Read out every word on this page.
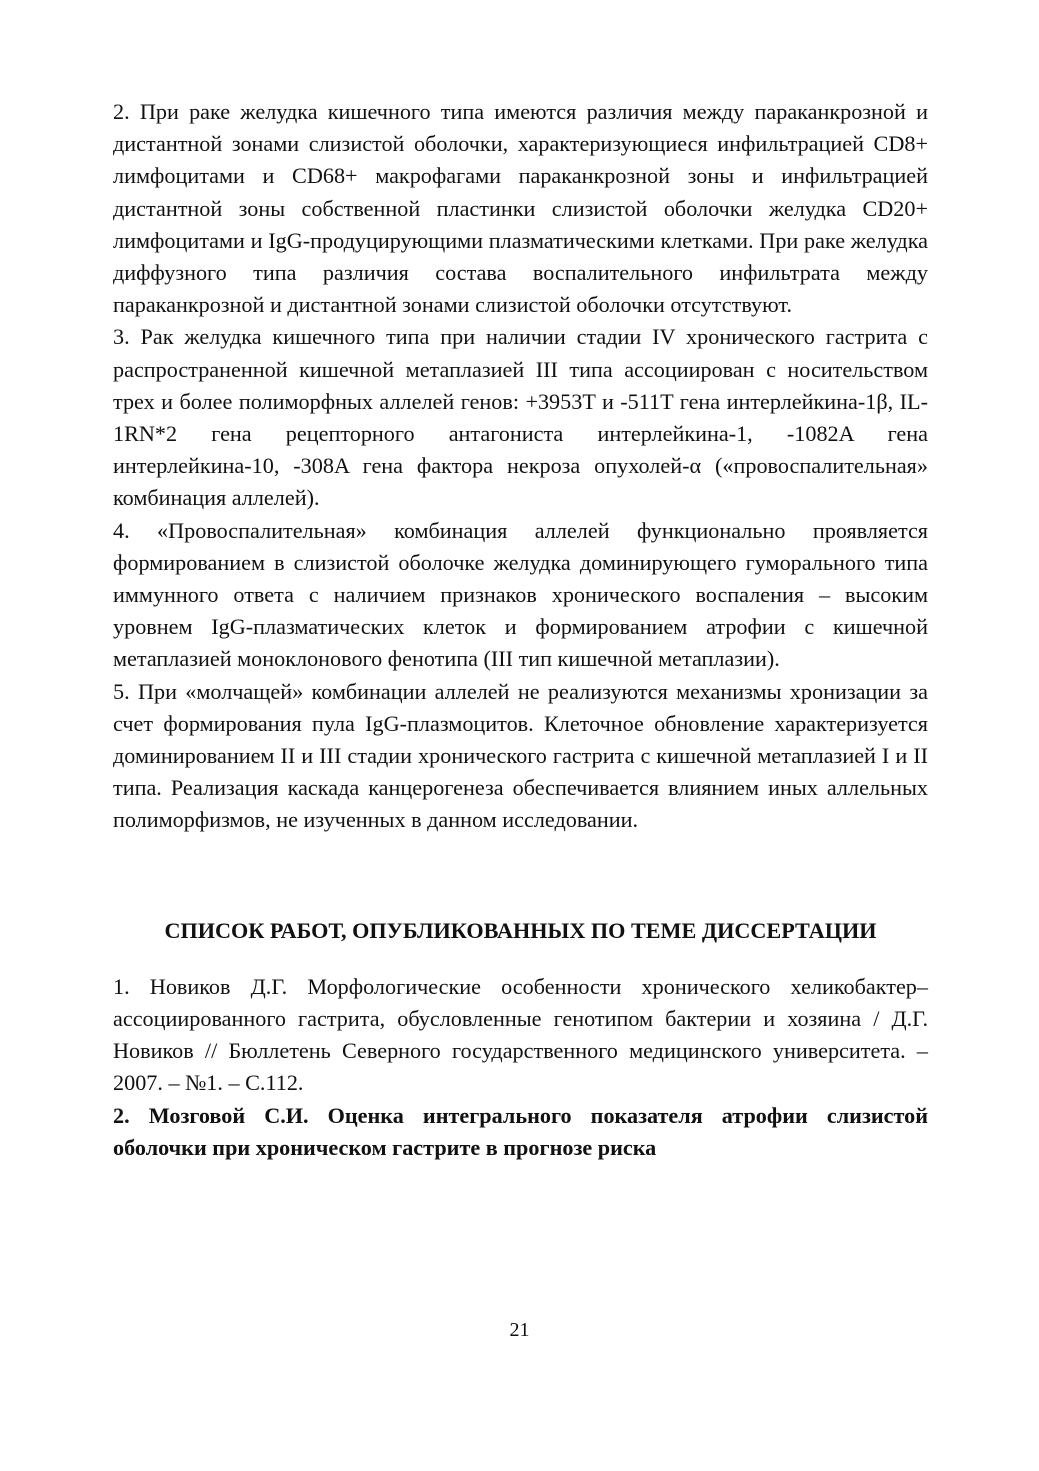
2. При раке желудка кишечного типа имеются различия между параканкрозной и дистантной зонами слизистой оболочки, характеризующиеся инфильтрацией CD8+ лимфоцитами и CD68+ макрофагами параканкрозной зоны и инфильтрацией дистантной зоны собственной пластинки слизистой оболочки желудка CD20+ лимфоцитами и IgG-продуцирующими плазматическими клетками. При раке желудка диффузного типа различия состава воспалительного инфильтрата между параканкрозной и дистантной зонами слизистой оболочки отсутствуют.

3. Рак желудка кишечного типа при наличии стадии IV хронического гастрита с распространенной кишечной метаплазией III типа ассоциирован с носительством трех и более полиморфных аллелей генов: +3953T и -511T гена интерлейкина-1β, IL-1RN*2 гена рецепторного антагониста интерлейкина-1, -1082A гена интерлейкина-10, -308A гена фактора некроза опухолей-α («провоспалительная» комбинация аллелей).

4. «Провоспалительная» комбинация аллелей функционально проявляется формированием в слизистой оболочке желудка доминирующего гуморального типа иммунного ответа с наличием признаков хронического воспаления – высоким уровнем IgG-плазматических клеток и формированием атрофии с кишечной метаплазией моноклонового фенотипа (III тип кишечной метаплазии).

5. При «молчащей» комбинации аллелей не реализуются механизмы хронизации за счет формирования пула IgG-плазмоцитов. Клеточное обновление характеризуется доминированием II и III стадии хронического гастрита с кишечной метаплазией I и II типа. Реализация каскада канцерогенеза обеспечивается влиянием иных аллельных полиморфизмов, не изученных в данном исследовании.

СПИСОК РАБОТ, ОПУБЛИКОВАННЫХ ПО ТЕМЕ ДИССЕРТАЦИИ

1. Новиков Д.Г. Морфологические особенности хронического хеликобактер–ассоциированного гастрита, обусловленные генотипом бактерии и хозяина / Д.Г. Новиков // Бюллетень Северного государственного медицинского университета. – 2007. – №1. – С.112.

2. Мозговой С.И. Оценка интегрального показателя атрофии слизистой оболочки при хроническом гастрите в прогнозе риска

21
